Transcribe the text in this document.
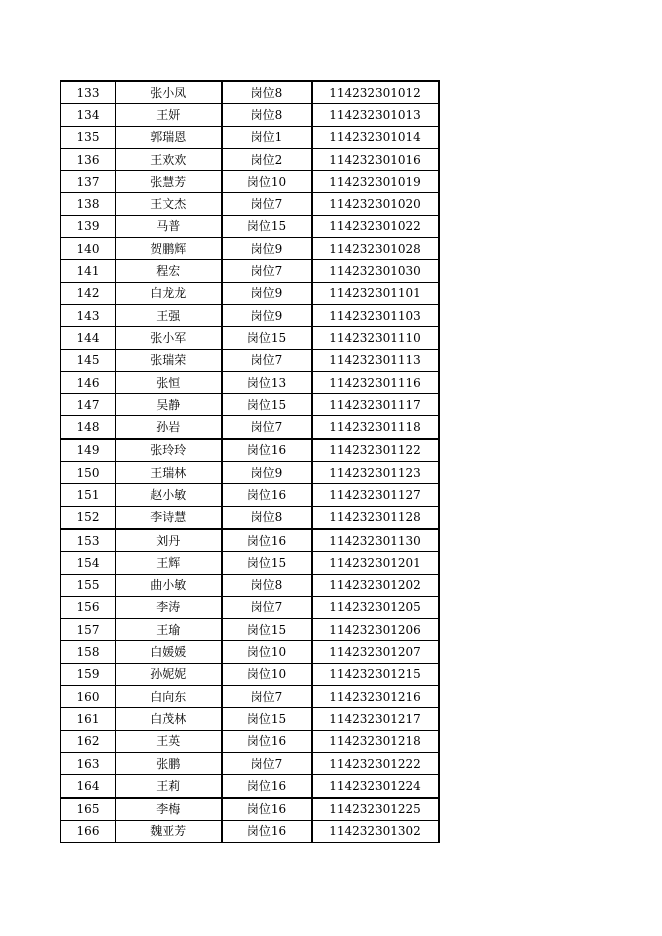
133	张小凤	岗位8	114232301012
134	王妍	岗位8	114232301013
135	郭瑞恩	岗位1	114232301014
136	王欢欢	岗位2	114232301016
137	张慧芳	岗位10	114232301019
138	王文杰	岗位7	114232301020
139	马普	岗位15	114232301022
140	贺鹏辉	岗位9	114232301028
141	程宏	岗位7	114232301030
142	白龙龙	岗位9	114232301101
143	王强	岗位9	114232301103
144	张小军	岗位15	114232301110
145	张瑞荣	岗位7	114232301113
146	张恒	岗位13	114232301116
147	吴静	岗位15	114232301117
148	孙岩	岗位7	114232301118
149	张玲玲	岗位16	114232301122
150	王瑞林	岗位9	114232301123
151	赵小敏	岗位16	114232301127
152	李诗慧	岗位8	114232301128
153	刘丹	岗位16	114232301130
154	王辉	岗位15	114232301201
155	曲小敏	岗位8	114232301202
156	李涛	岗位7	114232301205
157	王瑜	岗位15	114232301206
158	白媛媛	岗位10	114232301207
159	孙妮妮	岗位10	114232301215
160	白向东	岗位7	114232301216
161	白茂林	岗位15	114232301217
162	王英	岗位16	114232301218
163	张鹏	岗位7	114232301222
164	王莉	岗位16	114232301224
165	李梅	岗位16	114232301225
166	魏亚芳	岗位16	114232301302
